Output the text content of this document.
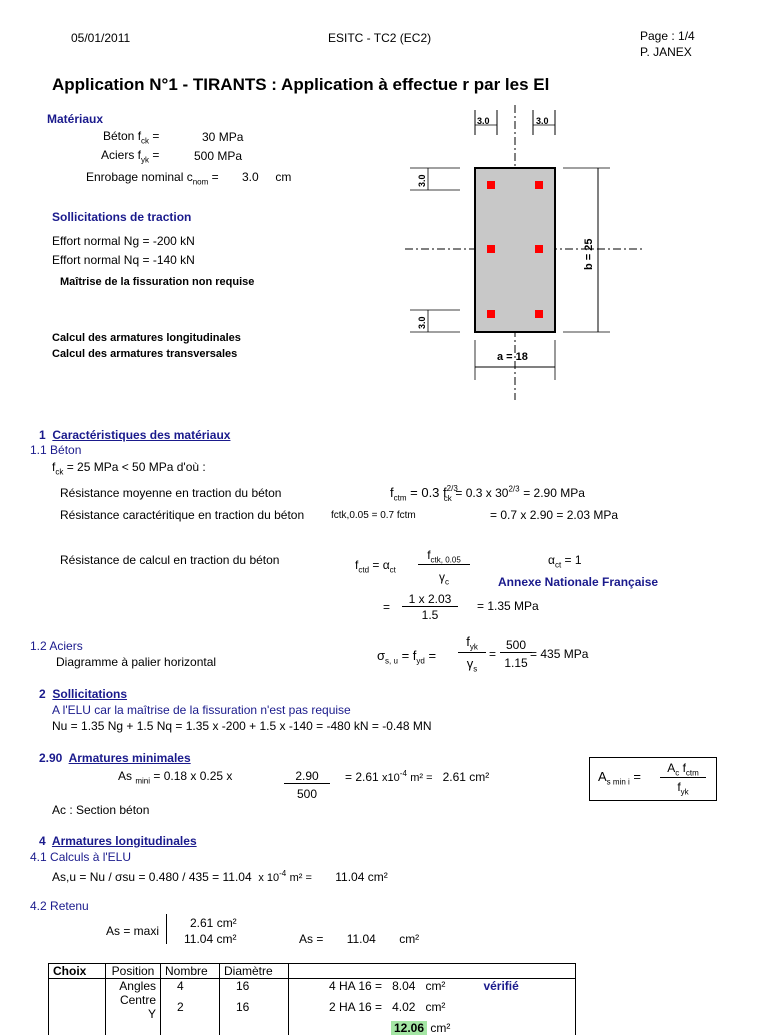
05/01/2011	ESITC - TC2 (EC2)	Page : 1/4
P. JANEX
Application N°1 - TIRANTS : Application à effectue r par les El
Matériaux
Béton $f_{ck}$ =	30 MPa
Aciers $f_{yk}$ =	500 MPa
Enrobage nominal $c_{nom} = 3.0$ cm
Sollicitations de traction
Effort normal Ng = -200 kN
Effort normal Nq = -140 kN
Maîtrise de la fissuration non requise
Calcul des armatures longitudinales
Calcul des armatures transversales
3.0	3.0
3.0
3.0
b = 25
a = 18
1 Caractéristiques des matériaux
1.1 Béton
$f_{ck} = 25$ MPa < 50 MPa d'où :
Résistance moyenne en traction du béton	$f_{ctm} = 0.3$ $f^{2/3}_{ck} = 0.3$ x $30^{2/3} = 2.90$ MPa
Résistance caractéritique en traction du béton	fctk,0.05 = 0.7 fctm	= 0.7 x 2.90 = 2.03 MPa
Résistance de calcul en traction du béton	$f_{ctd} = \alpha_{ct}$
$f_{ctk, 0.05}$
$\gamma_c$
$\alpha_{ct} = 1$
Annexe Nationale Française
=
1 x 2.03
1.5
= 1.35 MPa
1.2 Aciers
Diagramme à palier horizontal	$\sigma_{s, u} = f_{yd}$ =
$f_{yk}$
$\gamma_s$
=
500
1.15
= 435 MPa
2 Sollicitations
A l'ELU car la maîtrise de la fissuration n'est pas requise
Nu = 1.35 Ng + 1.5 Nq = 1.35 x -200 + 1.5 x -140 = -480 kN = -0.48 MN
2.90 Armatures minimales
As $_{mini}$ = 0.18 x 0.25 x	2.90
500
= 2.61 $x10^{-4}$ m² = 2.61 cm²
Ac : Section béton
$A_{s min i}$ =
$A_c$ $f_{ctm}$
$f_{yk}$
4 Armatures longitudinales
4.1 Calculs à l'ELU
As,u = Nu / σsu = 0.480 / 435 = 11.04 x $10^{-4}$ m² = 11.04 cm²
4.2 Retenu
As = maxi
2.61 cm²
11.04 cm²	As = 11.04 cm²
Choix	Position	Nombre	Diamètre	
	Angles	4	16	4 HA 16 = 8.04 cm² vérifié
	Centre Y	2	16	2 HA 16 = 4.02 cm²
				12.06 cm²
